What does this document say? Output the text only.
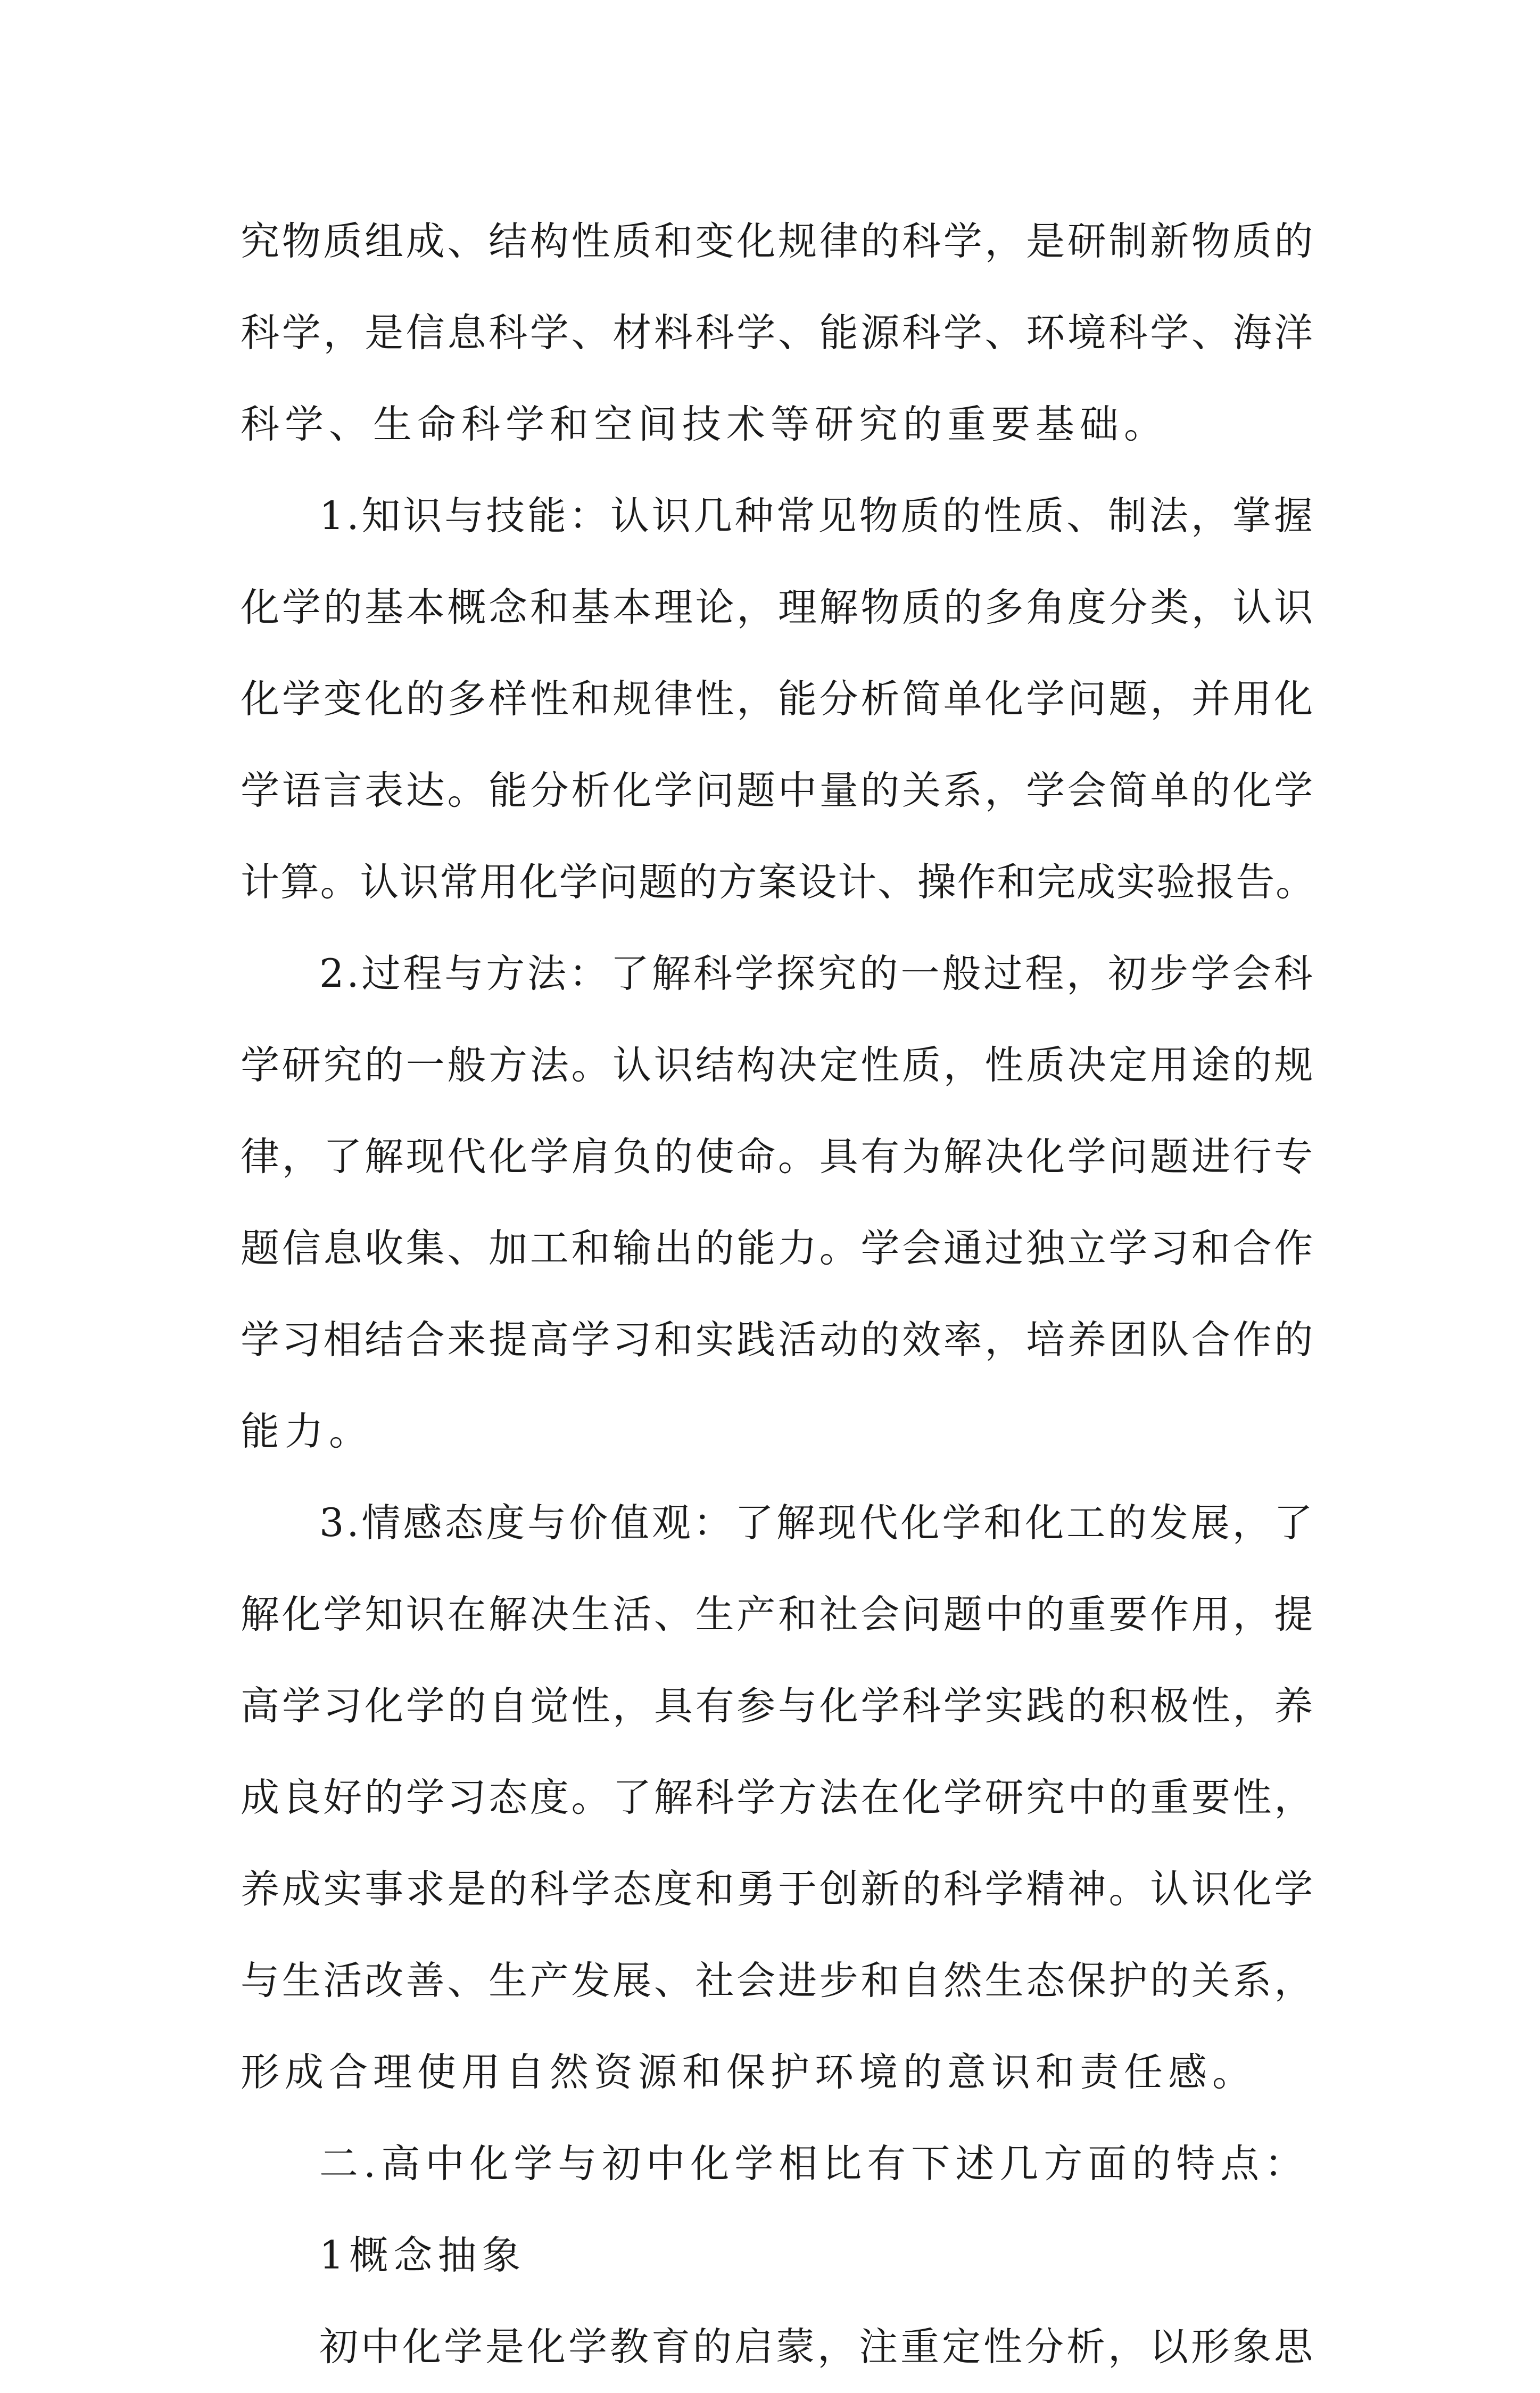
究物质组成、结构性质和变化规律的科学，是研制新物质的
科学，是信息科学、材料科学、能源科学、环境科学、海洋
科学、生命科学和空间技术等研究的重要基础。
1.知识与技能：认识几种常见物质的性质、制法，掌握
化学的基本概念和基本理论，理解物质的多角度分类，认识
化学变化的多样性和规律性，能分析简单化学问题，并用化
学语言表达。能分析化学问题中量的关系，学会简单的化学
计算。认识常用化学问题的方案设计、操作和完成实验报告。
2.过程与方法：了解科学探究的一般过程，初步学会科
学研究的一般方法。认识结构决定性质，性质决定用途的规
律，了解现代化学肩负的使命。具有为解决化学问题进行专
题信息收集、加工和输出的能力。学会通过独立学习和合作
学习相结合来提高学习和实践活动的效率，培养团队合作的
能力。
3.情感态度与价值观：了解现代化学和化工的发展，了
解化学知识在解决生活、生产和社会问题中的重要作用，提
高学习化学的自觉性，具有参与化学科学实践的积极性，养
成良好的学习态度。了解科学方法在化学研究中的重要性，
养成实事求是的科学态度和勇于创新的科学精神。认识化学
与生活改善、生产发展、社会进步和自然生态保护的关系，
形成合理使用自然资源和保护环境的意识和责任感。
二.高中化学与初中化学相比有下述几方面的特点：
1概念抽象
初中化学是化学教育的启蒙，注重定性分析，以形象思
